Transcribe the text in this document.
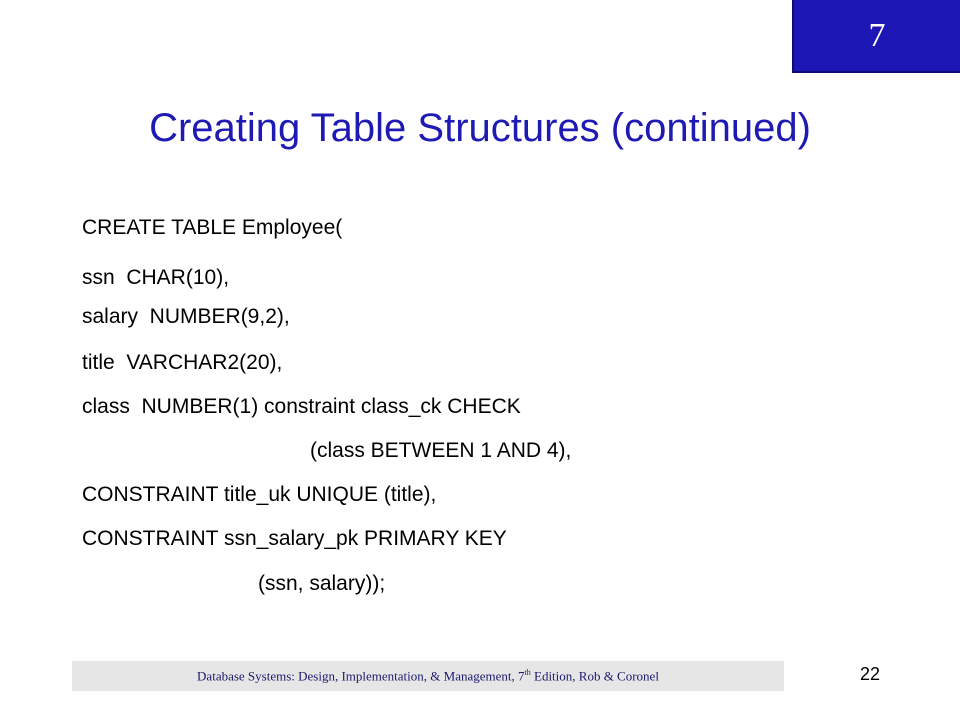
7
Creating Table Structures (continued)

CREATE TABLE Employee(

ssn  CHAR(10),

salary  NUMBER(9,2),

title  VARCHAR2(20),

class  NUMBER(1) constraint class_ck CHECK

(class BETWEEN 1 AND 4),

CONSTRAINT title_uk UNIQUE (title),

CONSTRAINT ssn_salary_pk PRIMARY KEY

(ssn, salary));

Database Systems: Design, Implementation, & Management, 7th Edition, Rob & Coronel	22
